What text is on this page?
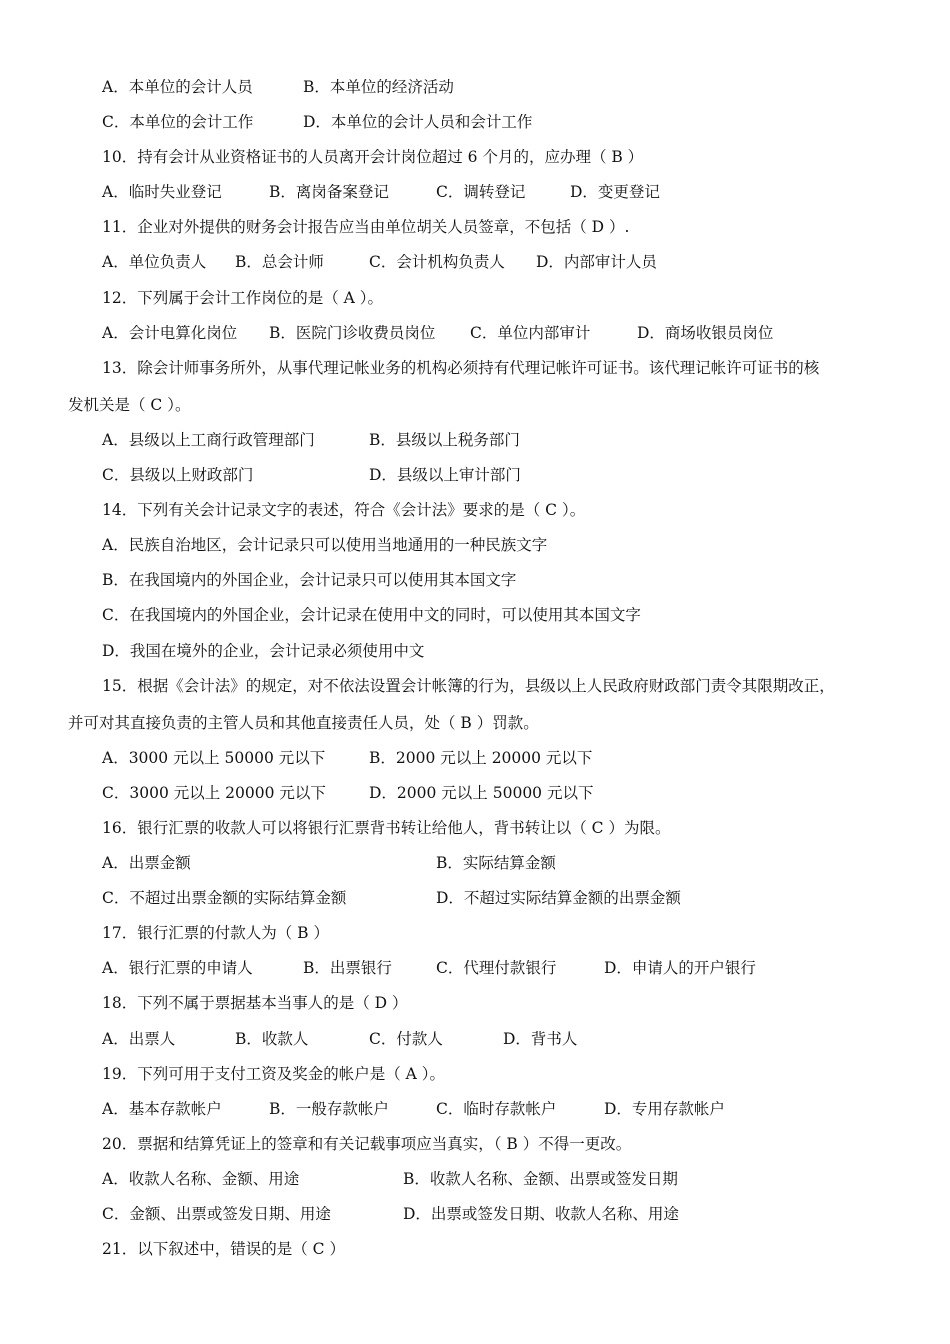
A．本单位的会计人员	B．本单位的经济活动
C．本单位的会计工作	D．本单位的会计人员和会计工作
10．持有会计从业资格证书的人员离开会计岗位超过 6 个月的，应办理（ B ）
A．临时失业登记	B．离岗备案登记	C．调转登记	D．变更登记
11．企业对外提供的财务会计报告应当由单位胡关人员签章，不包括（ D ）.
A．单位负责人 B．总会计师	C．会计机构负责人 D．内部审计人员
12．下列属于会计工作岗位的是（ A ）。
A．会计电算化岗位 B．医院门诊收费员岗位 C．单位内部审计	D．商场收银员岗位
13．除会计师事务所外，从事代理记帐业务的机构必须持有代理记帐许可证书。该代理记帐许可证书的核
发机关是（ C ）。
A．县级以上工商行政管理部门	B．县级以上税务部门
C．县级以上财政部门	D．县级以上审计部门
14．下列有关会计记录文字的表述，符合《会计法》要求的是（ C ）。
A．民族自治地区，会计记录只可以使用当地通用的一种民族文字
B．在我国境内的外国企业，会计记录只可以使用其本国文字
C．在我国境内的外国企业，会计记录在使用中文的同时，可以使用其本国文字
D．我国在境外的企业，会计记录必须使用中文
15．根据《会计法》的规定，对不依法设置会计帐簿的行为，县级以上人民政府财政部门责令其限期改正，
并可对其直接负责的主管人员和其他直接责任人员，处（ B ）罚款。
A．3000 元以上 50000 元以下	B．2000 元以上 20000 元以下
C．3000 元以上 20000 元以下	D．2000 元以上 50000 元以下
16．银行汇票的收款人可以将银行汇票背书转让给他人，背书转让以（ C ）为限。
A．出票金额	B．实际结算金额
C．不超过出票金额的实际结算金额	D．不超过实际结算金额的出票金额
17．银行汇票的付款人为（ B ）
A．银行汇票的申请人	B．出票银行	C．代理付款银行	D．申请人的开户银行
18．下列不属于票据基本当事人的是（ D ）
A．出票人	B．收款人	C．付款人	D．背书人
19．下列可用于支付工资及奖金的帐户是（ A ）。
A．基本存款帐户	B．一般存款帐户	C．临时存款帐户	D．专用存款帐户
20．票据和结算凭证上的签章和有关记载事项应当真实，（ B ）不得一更改。
A．收款人名称、金额、用途	B．收款人名称、金额、出票或签发日期
C．金额、出票或签发日期、用途	D．出票或签发日期、收款人名称、用途
21．以下叙述中，错误的是（ C ）
